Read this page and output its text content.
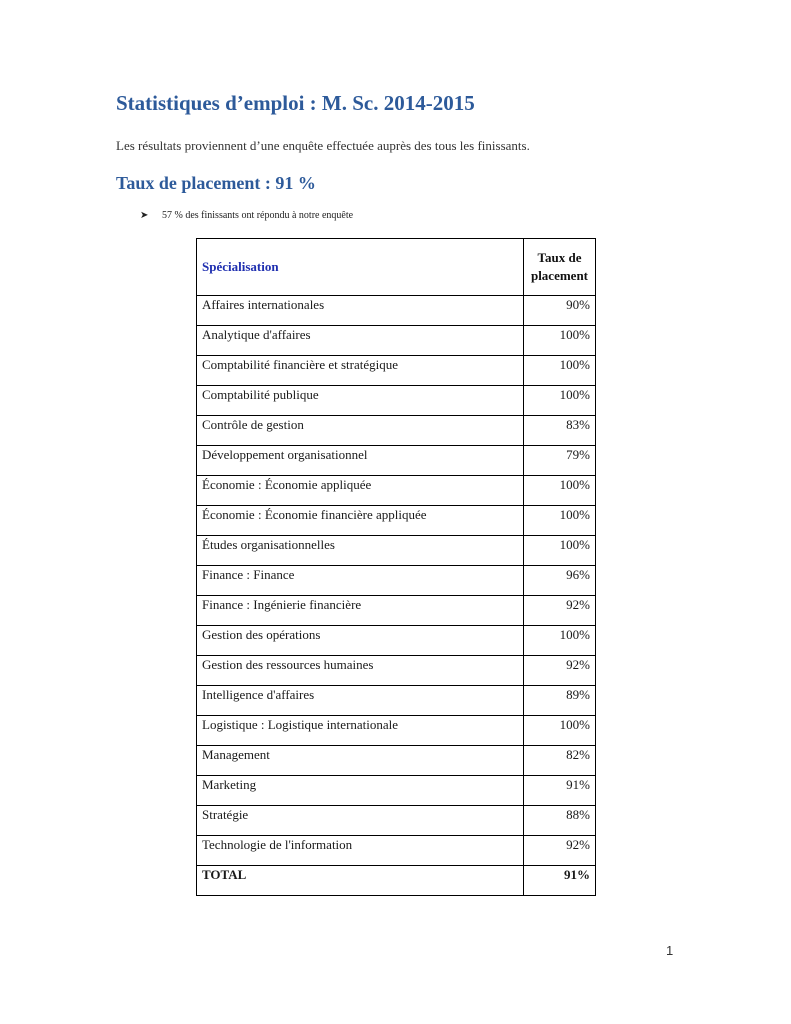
Statistiques d’emploi : M. Sc. 2014-2015

Les résultats proviennent d’une enquête effectuée auprès des tous les finissants.

Taux de placement : 91 %
➤ 57 % des finissants ont répondu à notre enquête
Spécialisation	Taux de
placement
Affaires internationales	90%
Analytique d'affaires	100%
Comptabilité financière et stratégique	100%
Comptabilité publique	100%
Contrôle de gestion	83%
Développement organisationnel	79%
Économie : Économie appliquée	100%
Économie : Économie financière appliquée	100%
Études organisationnelles	100%
Finance : Finance	96%
Finance : Ingénierie financière	92%
Gestion des opérations	100%
Gestion des ressources humaines	92%
Intelligence d'affaires	89%
Logistique : Logistique internationale	100%
Management	82%
Marketing	91%
Stratégie	88%
Technologie de l'information	92%
TOTAL	91%
1
